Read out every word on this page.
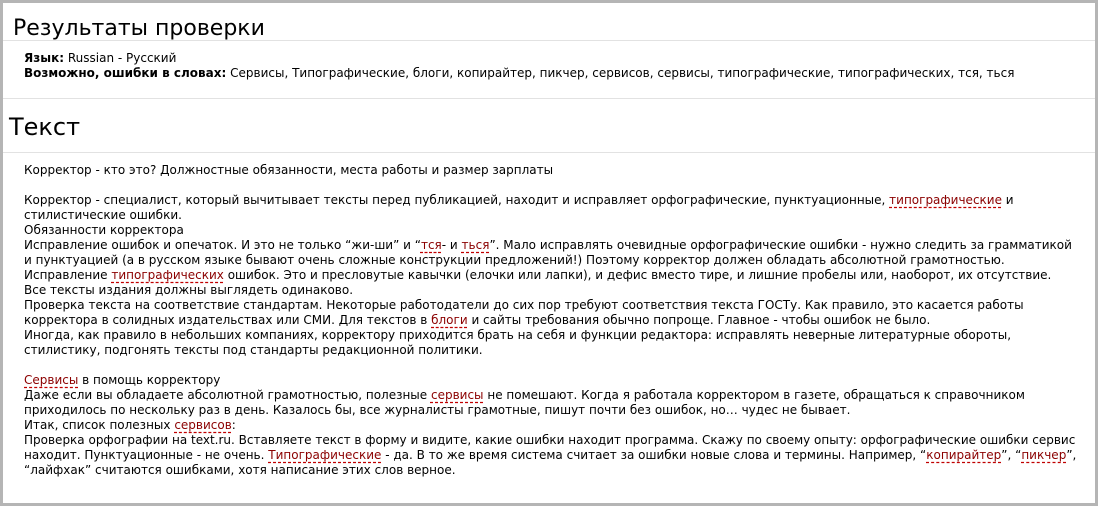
Результаты проверки
Язык: Russian - Русский
Возможно, ошибки в словах: Сервисы, Типографические, блоги, копирайтер, пикчер, сервисов, сервисы, типографические, типографических, тся, ться
Текст

Корректор - кто это? Должностные обязанности, места работы и размер зарплаты

Корректор - специалист, который вычитывает тексты перед публикацией, находит и исправляет орфографические, пунктуационные, типографические и стилистические ошибки.

Обязанности корректора

Исправление ошибок и опечаток. И это не только “жи-ши” и “тся- и ться”. Мало исправлять очевидные орфографические ошибки - нужно следить за грамматикой и пунктуацией (а в русском языке бывают очень сложные конструкции предложений!) Поэтому корректор должен обладать абсолютной грамотностью.

Исправление типографических ошибок. Это и пресловутые кавычки (елочки или лапки), и дефис вместо тире, и лишние пробелы или, наоборот, их отсутствие. Все тексты издания должны выглядеть одинаково.

Проверка текста на соответствие стандартам. Некоторые работодатели до сих пор требуют соответствия текста ГОСТу. Как правило, это касается работы корректора в солидных издательствах или СМИ. Для текстов в блоги и сайты требования обычно попроще. Главное - чтобы ошибок не было.

Иногда, как правило в небольших компаниях, корректору приходится брать на себя и функции редактора: исправлять неверные литературные обороты, стилистику, подгонять тексты под стандарты редакционной политики.

Сервисы в помощь корректору

Даже если вы обладаете абсолютной грамотностью, полезные сервисы не помешают. Когда я работала корректором в газете, обращаться к справочником приходилось по нескольку раз в день. Казалось бы, все журналисты грамотные, пишут почти без ошибок, но… чудес не бывает.

Итак, список полезных сервисов:

Проверка орфографии на text.ru. Вставляете текст в форму и видите, какие ошибки находит программа. Скажу по своему опыту: орфографические ошибки сервис находит. Пунктуационные - не очень. Типографические - да. В то же время система считает за ошибки новые слова и термины. Например, “копирайтер”, “пикчер”, “лайфхак” считаются ошибками, хотя написание этих слов верное.
